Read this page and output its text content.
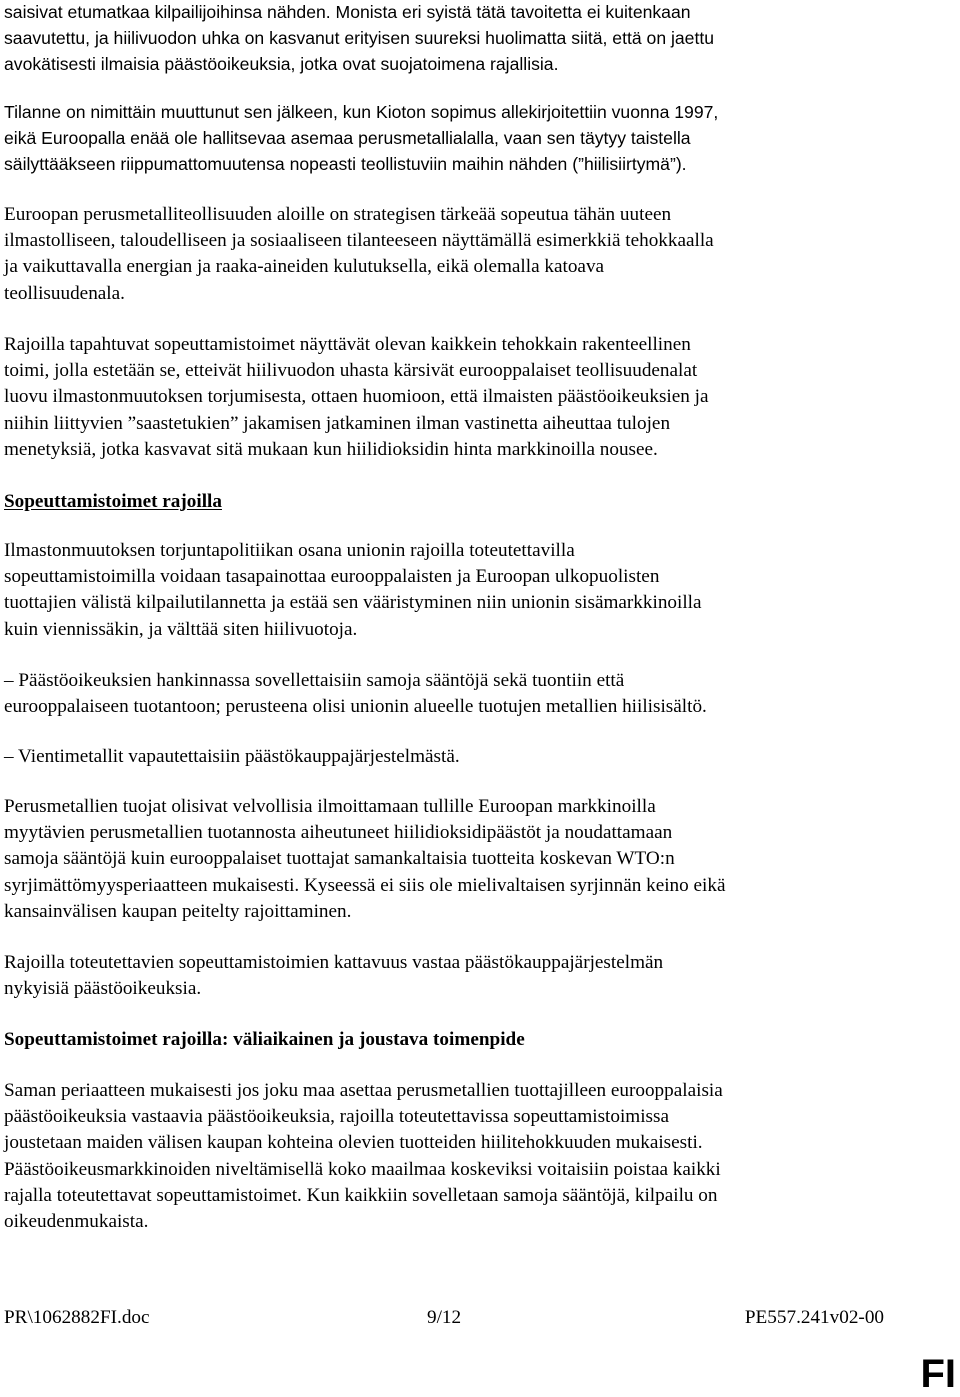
saisivat etumatkaa kilpailijoihinsa nähden. Monista eri syistä tätä tavoitetta ei kuitenkaan
saavutettu, ja hiilivuodon uhka on kasvanut erityisen suureksi huolimatta siitä, että on jaettu
avokätisesti ilmaisia päästöoikeuksia, jotka ovat suojatoimena rajallisia.

Tilanne on nimittäin muuttunut sen jälkeen, kun Kioton sopimus allekirjoitettiin vuonna 1997,
eikä Euroopalla enää ole hallitsevaa asemaa perusmetallialalla, vaan sen täytyy taistella
säilyttääkseen riippumattomuutensa nopeasti teollistuviin maihin nähden (”hiilisiirtymä”).

Euroopan perusmetalliteollisuuden aloille on strategisen tärkeää sopeutua tähän uuteen
ilmastolliseen, taloudelliseen ja sosiaaliseen tilanteeseen näyttämällä esimerkkiä tehokkaalla
ja vaikuttavalla energian ja raaka-aineiden kulutuksella, eikä olemalla katoava
teollisuudenala.

Rajoilla tapahtuvat sopeuttamistoimet näyttävät olevan kaikkein tehokkain rakenteellinen
toimi, jolla estetään se, etteivät hiilivuodon uhasta kärsivät eurooppalaiset teollisuudenalat
luovu ilmastonmuutoksen torjumisesta, ottaen huomioon, että ilmaisten päästöoikeuksien ja
niihin liittyvien ”saastetukien” jakamisen jatkaminen ilman vastinetta aiheuttaa tulojen
menetyksiä, jotka kasvavat sitä mukaan kun hiilidioksidin hinta markkinoilla nousee.

Sopeuttamistoimet rajoilla

Ilmastonmuutoksen torjuntapolitiikan osana unionin rajoilla toteutettavilla
sopeuttamistoimilla voidaan tasapainottaa eurooppalaisten ja Euroopan ulkopuolisten
tuottajien välistä kilpailutilannetta ja estää sen vääristyminen niin unionin sisämarkkinoilla
kuin viennissäkin, ja välttää siten hiilivuotoja.

– Päästöoikeuksien hankinnassa sovellettaisiin samoja sääntöjä sekä tuontiin että
eurooppalaiseen tuotantoon; perusteena olisi unionin alueelle tuotujen metallien hiilisisältö.

– Vientimetallit vapautettaisiin päästökauppajärjestelmästä.

Perusmetallien tuojat olisivat velvollisia ilmoittamaan tullille Euroopan markkinoilla
myytävien perusmetallien tuotannosta aiheutuneet hiilidioksidipäästöt ja noudattamaan
samoja sääntöjä kuin eurooppalaiset tuottajat samankaltaisia tuotteita koskevan WTO:n
syrjimättömyysperiaatteen mukaisesti. Kyseessä ei siis ole mielivaltaisen syrjinnän keino eikä
kansainvälisen kaupan peitelty rajoittaminen.

Rajoilla toteutettavien sopeuttamistoimien kattavuus vastaa päästökauppajärjestelmän
nykyisiä päästöoikeuksia.

Sopeuttamistoimet rajoilla: väliaikainen ja joustava toimenpide

Saman periaatteen mukaisesti jos joku maa asettaa perusmetallien tuottajilleen eurooppalaisia
päästöoikeuksia vastaavia päästöoikeuksia, rajoilla toteutettavissa sopeuttamistoimissa
joustetaan maiden välisen kaupan kohteina olevien tuotteiden hiilitehokkuuden mukaisesti.
Päästöoikeusmarkkinoiden niveltämisellä koko maailmaa koskeviksi voitaisiin poistaa kaikki
rajalla toteutettavat sopeuttamistoimet. Kun kaikkiin sovelletaan samoja sääntöjä, kilpailu on
oikeudenmukaista.

PR\1062882FI.doc	9/12	PE557.241v02-00
FI
